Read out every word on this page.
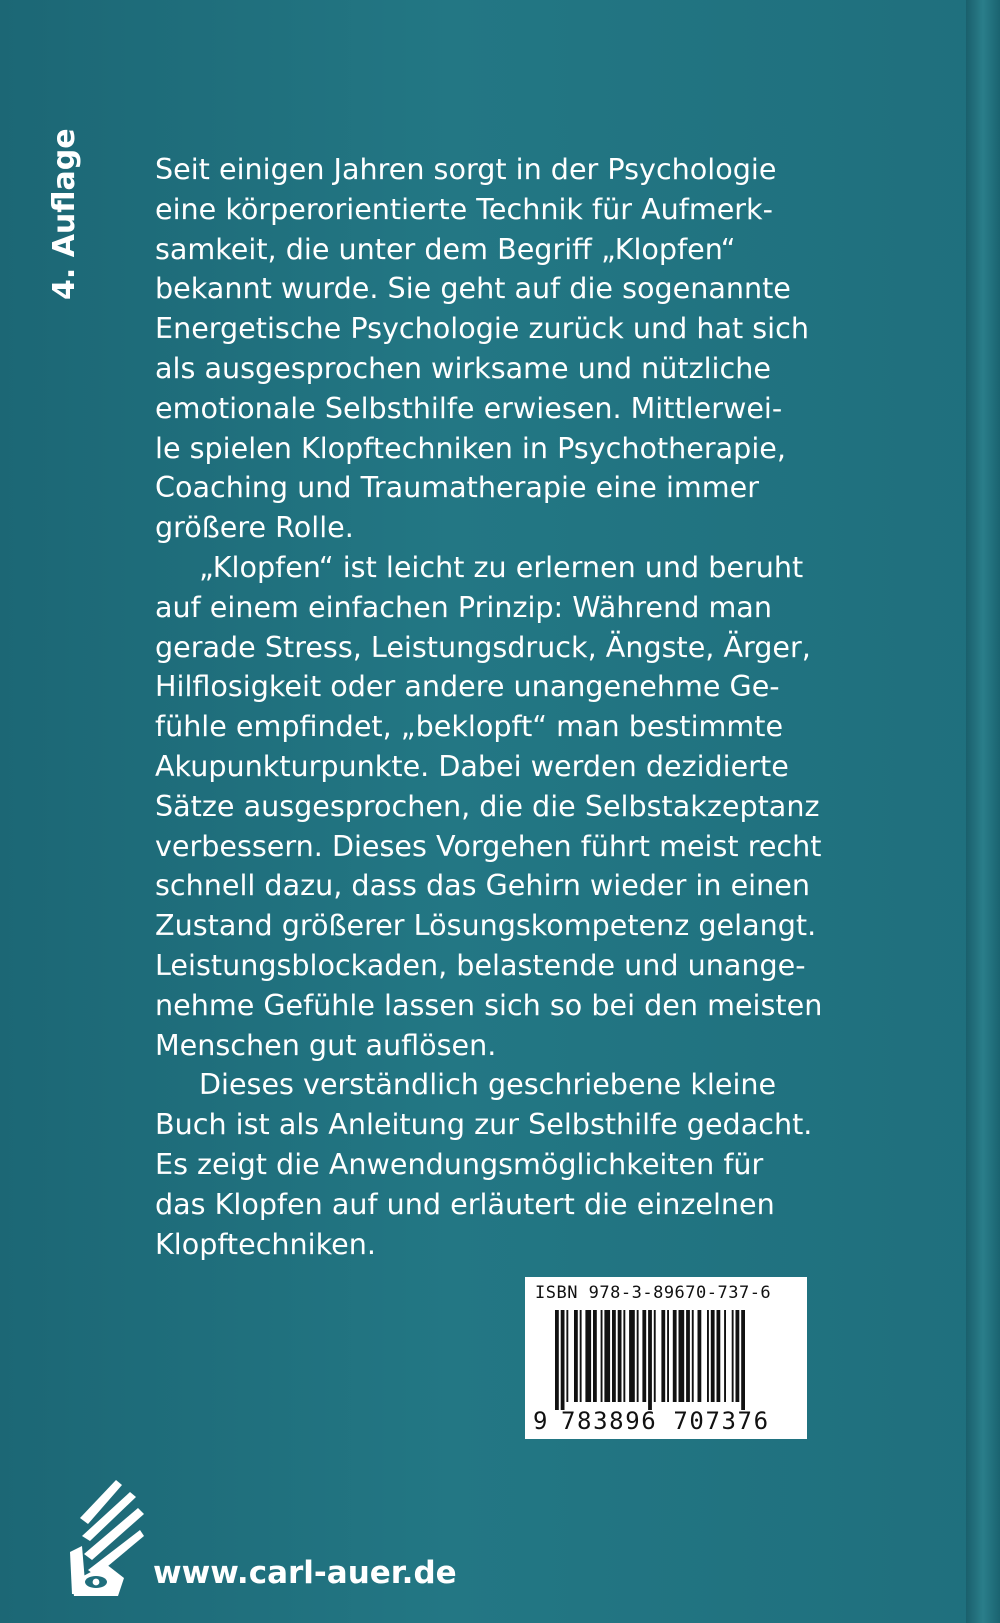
4. Auflage	Seit einigen Jahren sorgt in der Psychologie
eine körperorientierte Technik für Aufmerk-
samkeit, die unter dem Begriff „Klopfen“
bekannt wurde. Sie geht auf die sogenannte
Energetische Psychologie zurück und hat sich
als ausgesprochen wirksame und nützliche
emotionale Selbsthilfe erwiesen. Mittlerwei-
le spielen Klopftechniken in Psychotherapie,
Coaching und Traumatherapie eine immer
größere Rolle.

„Klopfen“ ist leicht zu erlernen und beruht
auf einem einfachen Prinzip: Während man
gerade Stress, Leistungsdruck, Ängste, Ärger,
Hilflosigkeit oder andere unangenehme Ge-
fühle empfindet, „beklopft“ man bestimmte
Akupunkturpunkte. Dabei werden dezidierte
Sätze ausgesprochen, die die Selbstakzeptanz
verbessern. Dieses Vorgehen führt meist recht
schnell dazu, dass das Gehirn wieder in einen
Zustand größerer Lösungskompetenz gelangt.
Leistungsblockaden, belastende und unange-
nehme Gefühle lassen sich so bei den meisten
Menschen gut auflösen.

Dieses verständlich geschriebene kleine
Buch ist als Anleitung zur Selbsthilfe gedacht.
Es zeigt die Anwendungsmöglichkeiten für
das Klopfen auf und erläutert die einzelnen
Klopftechniken.

ISBN 978-3-89670-737-6
9 783896 707376
www.carl-auer.de
